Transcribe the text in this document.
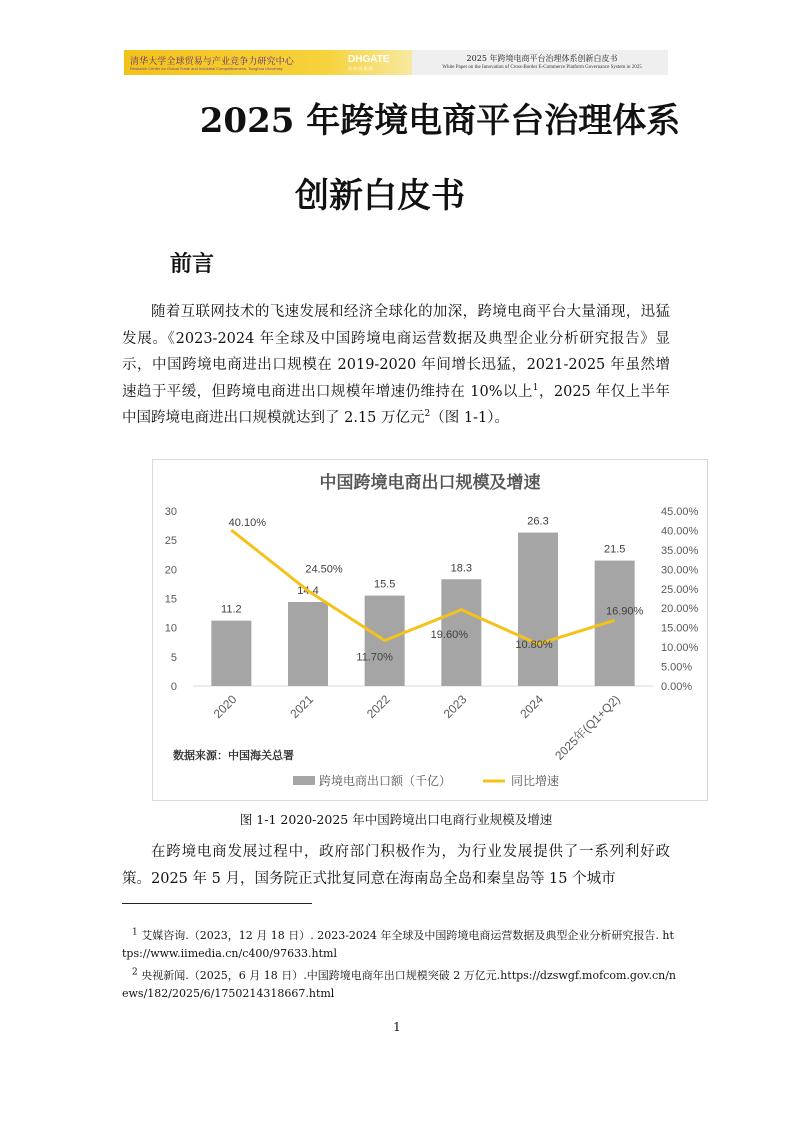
清华大学全球贸易与产业竞争力研究中心
Research Center for Global Trade and Industrial Competitiveness, Tsinghua University
DHGATE
敦 煌 网 集 团
2025 年跨境电商平台治理体系创新白皮书
White Paper on the Innovation of Cross-Border E-Commerce Platform Governance System in 2025
2025 年跨境电商平台治理体系
创新白皮书
前言
随着互联网技术的飞速发展和经济全球化的加深，跨境电商平台大量涌现，迅猛发展。《2023-2024 年全球及中国跨境电商运营数据及典型企业分析研究报告》显示，中国跨境电商进出口规模在 2019-2020 年间增长迅猛，2021-2025 年虽然增速趋于平缓，但跨境电商进出口规模年增速仍维持在 10%以上$^1$，2025 年仅上半年中国跨境电商进出口规模就达到了 2.15 万亿元$^2$（图 1-1）。
中国跨境电商出口规模及增速
0
5
10
15
20
25
30
0.00%
5.00%
10.00%
15.00%
20.00%
25.00%
30.00%
35.00%
40.00%
45.00%
11.2
14.4
15.5
18.3
26.3
21.5
40.10%
24.50%
11.70%
19.60%
10.80%
16.90%
2020	2021	2022	2023	2024 2025年(Q1+Q2)
数据来源：中国海关总署
跨境电商出口额（千亿）	同比增速
图 1-1 2020-2025 年中国跨境出口电商行业规模及增速
在跨境电商发展过程中，政府部门积极作为，为行业发展提供了一系列利好政策。2025 年 5 月，国务院正式批复同意在海南岛全岛和秦皇岛等 15 个城市
$^1$ 艾媒咨询.（2023，12 月 18 日）. 2023-2024 年全球及中国跨境电商运营数据及典型企业分析研究报告. https://www.iimedia.cn/c400/97633.html
$^2$ 央视新闻.（2025，6 月 18 日）.中国跨境电商年出口规模突破 2 万亿元.https://dzswgf.mofcom.gov.cn/news/182/2025/6/1750214318667.html
1
